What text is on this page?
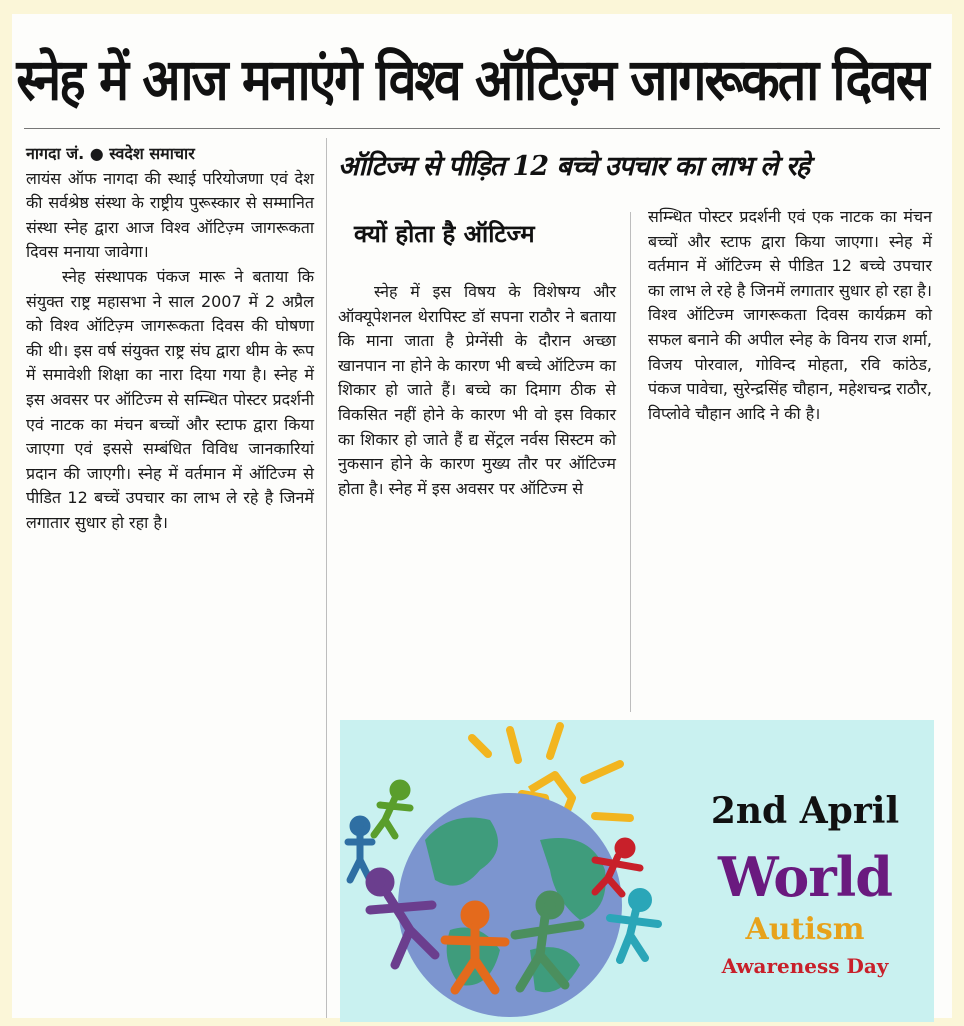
स्नेह में आज मनाएंगे विश्व ऑटिज़्म जागरूकता दिवस

नागदा जं. ● स्वदेश समाचार

लायंस ऑफ नागदा की स्थाई परियोजणा एवं देश की सर्वश्रेष्ठ संस्था के राष्ट्रीय पुरूस्कार से सम्मानित संस्था स्नेह द्वारा आज विश्व ऑटिज़्म जागरूकता दिवस मनाया जावेगा।

स्नेह संस्थापक पंकज मारू ने बताया कि संयुक्त राष्ट्र महासभा ने साल 2007 में 2 अप्रैल को विश्व ऑटिज़्म जागरूकता दिवस की घोषणा की थी। इस वर्ष संयुक्त राष्ट्र संघ द्वारा थीम के रूप में समावेशी शिक्षा का नारा दिया गया है। स्नेह में इस अवसर पर ऑटिज्म से सम्न्धित पोस्टर प्रदर्शनी एवं नाटक का मंचन बच्चों और स्टाफ द्वारा किया जाएगा एवं इससे सम्बंधित विविध जानकारियां प्रदान की जाएगी। स्नेह में वर्तमान में ऑटिज्म से पीडित 12 बच्चें उपचार का लाभ ले रहे है जिनमें लगातार सुधार हो रहा है।

ऑटिज्म से पीड़ित 12 बच्चे उपचार का लाभ ले रहे
क्यों होता है ऑटिज्म

स्नेह में इस विषय के विशेषग्य और ऑक्यूपेशनल थेरापिस्ट डॉ सपना राठौर ने बताया कि माना जाता है प्रेग्नेंसी के दौरान अच्छा खानपान ना होने के कारण भी बच्चे ऑटिज्म का शिकार हो जाते हैं। बच्चे का दिमाग ठीक से विकसित नहीं होने के कारण भी वो इस विकार का शिकार हो जाते हैं द्य सेंट्रल नर्वस सिस्टम को नुकसान होने के कारण मुख्य तौर पर ऑटिज्म होता है। स्नेह में इस अवसर पर ऑटिज्म से

सम्न्धित पोस्टर प्रदर्शनी एवं एक नाटक का मंचन बच्चों और स्टाफ द्वारा किया जाएगा। स्नेह में वर्तमान में ऑटिज्म से पीडित 12 बच्चे उपचार का लाभ ले रहे है जिनमें लगातार सुधार हो रहा है। विश्व ऑटिज्म जागरूकता दिवस कार्यक्रम को सफल बनाने की अपील स्नेह के विनय राज शर्मा, विजय पोरवाल, गोविन्द मोहता, रवि कांठेड, पंकज पावेचा, सुरेन्द्रसिंह चौहान, महेशचन्द्र राठौर, विप्लोवे चौहान आदि ने की है।

2nd April
World
Autism
Awareness Day
